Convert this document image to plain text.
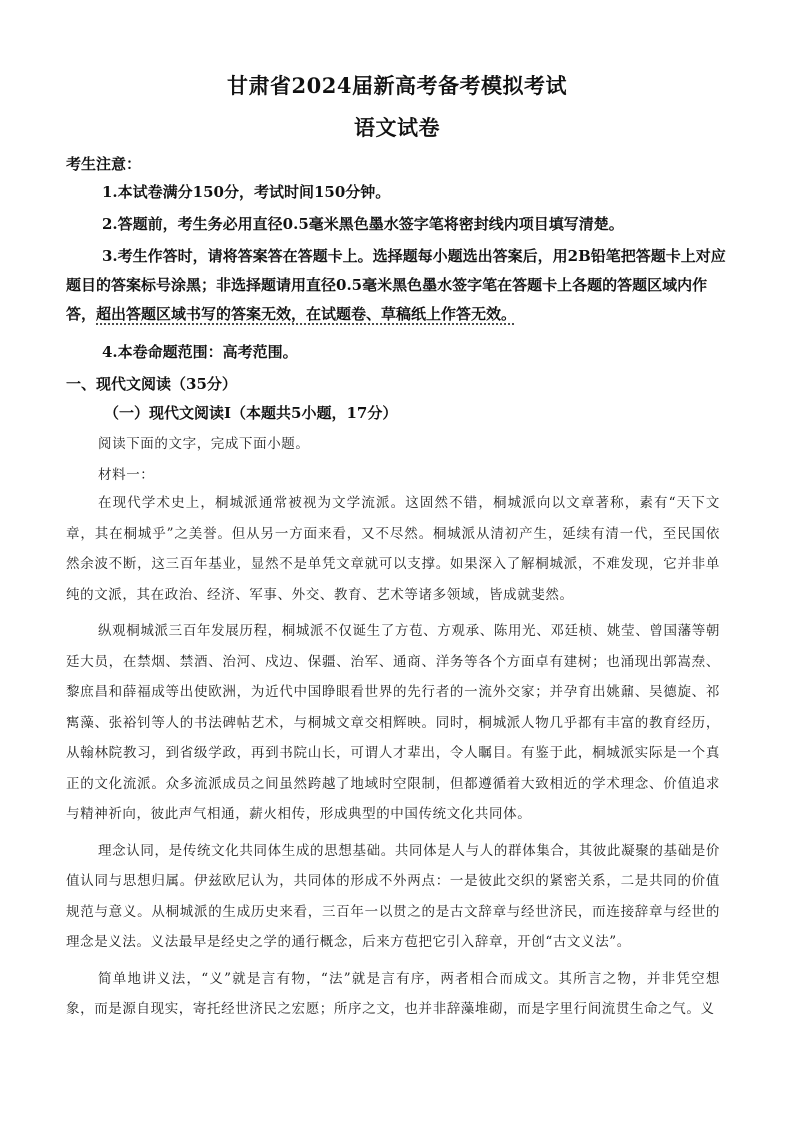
甘肃省2024届新高考备考模拟考试
语文试卷
考生注意：
1.本试卷满分150分，考试时间150分钟。
2.答题前，考生务必用直径0.5毫米黑色墨水签字笔将密封线内项目填写清楚。
3.考生作答时，请将答案答在答题卡上。选择题每小题选出答案后，用2B铅笔把答题卡上对应题目的答案标号涂黑；非选择题请用直径0.5毫米黑色墨水签字笔在答题卡上各题的答题区域内作答，超出答题区域书写的答案无效，在试题卷、草稿纸上作答无效。
4.本卷命题范围：高考范围。
一、现代文阅读（35分）
（一）现代文阅读Ⅰ（本题共5小题，17分）
阅读下面的文字，完成下面小题。
材料一：

在现代学术史上，桐城派通常被视为文学流派。这固然不错，桐城派向以文章著称，素有“天下文章，其在桐城乎”之美誉。但从另一方面来看，又不尽然。桐城派从清初产生，延续有清一代，至民国依然余波不断，这三百年基业，显然不是单凭文章就可以支撑。如果深入了解桐城派，不难发现，它并非单纯的文派，其在政治、经济、军事、外交、教育、艺术等诸多领域，皆成就斐然。

纵观桐城派三百年发展历程，桐城派不仅诞生了方苞、方观承、陈用光、邓廷桢、姚莹、曾国藩等朝廷大员，在禁烟、禁酒、治河、戍边、保疆、治军、通商、洋务等各个方面卓有建树；也涌现出郭嵩焘、黎庶昌和薛福成等出使欧洲，为近代中国睁眼看世界的先行者的一流外交家；并孕育出姚鼐、吴德旋、祁寯藻、张裕钊等人的书法碑帖艺术，与桐城文章交相辉映。同时，桐城派人物几乎都有丰富的教育经历，从翰林院教习，到省级学政，再到书院山长，可谓人才辈出，令人瞩目。有鉴于此，桐城派实际是一个真正的文化流派。众多流派成员之间虽然跨越了地域时空限制，但都遵循着大致相近的学术理念、价值追求与精神祈向，彼此声气相通，薪火相传，形成典型的中国传统文化共同体。

理念认同，是传统文化共同体生成的思想基础。共同体是人与人的群体集合，其彼此凝聚的基础是价值认同与思想归属。伊兹欧尼认为，共同体的形成不外两点：一是彼此交织的紧密关系，二是共同的价值规范与意义。从桐城派的生成历史来看，三百年一以贯之的是古文辞章与经世济民，而连接辞章与经世的理念是义法。义法最早是经史之学的通行概念，后来方苞把它引入辞章，开创“古文义法”。

简单地讲义法，“义”就是言有物，“法”就是言有序，两者相合而成文。其所言之物，并非凭空想象，而是源自现实，寄托经世济民之宏愿；所序之文，也并非辞藻堆砌，而是字里行间流贯生命之气。义
